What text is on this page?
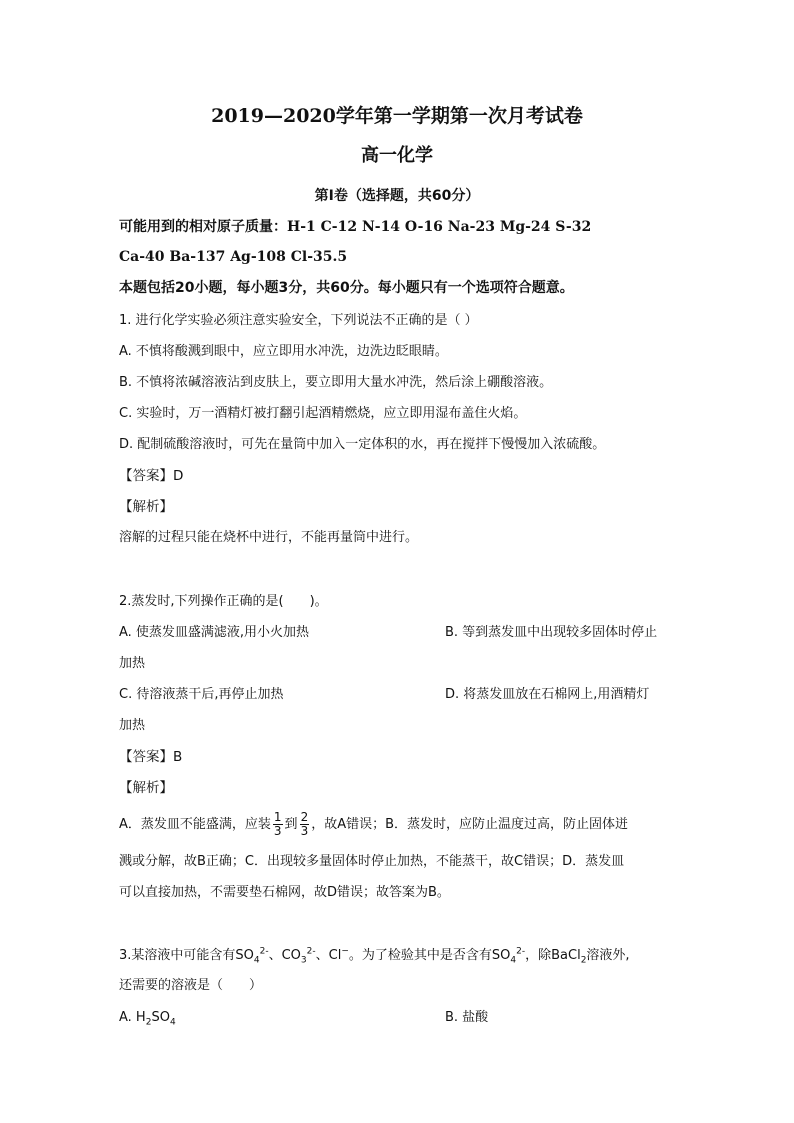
2019—2020学年第一学期第一次月考试卷
高一化学
第Ⅰ卷（选择题，共60分）
可能用到的相对原子质量：H-1 C-12 N-14 O-16 Na-23 Mg-24 S-32
Ca-40 Ba-137 Ag-108 Cl-35.5
本题包括20小题，每小题3分，共60分。每小题只有一个选项符合题意。
1. 进行化学实验必须注意实验安全，下列说法不正确的是（ ）
A. 不慎将酸溅到眼中，应立即用水冲洗，边洗边眨眼睛。
B. 不慎将浓碱溶液沾到皮肤上，要立即用大量水冲洗，然后涂上硼酸溶液。
C. 实验时，万一酒精灯被打翻引起酒精燃烧，应立即用湿布盖住火焰。
D. 配制硫酸溶液时，可先在量筒中加入一定体积的水，再在搅拌下慢慢加入浓硫酸。
【答案】D
【解析】
溶解的过程只能在烧杯中进行，不能再量筒中进行。
2.蒸发时,下列操作正确的是(　　)。
A. 使蒸发皿盛满滤液,用小火加热	B. 等到蒸发皿中出现较多固体时停止
加热
C. 待溶液蒸干后,再停止加热	D. 将蒸发皿放在石棉网上,用酒精灯
加热
【答案】B
【解析】
A．蒸发皿不能盛满，应装 $\frac{1}{3}$ 到 $\frac{2}{3}$ ，故A错误；B．蒸发时，应防止温度过高，防止固体迸
溅或分解，故B正确；C．出现较多量固体时停止加热，不能蒸干，故C错误；D．蒸发皿
可以直接加热，不需要垫石棉网，故D错误；故答案为B。
3.某溶液中可能含有$SO_4^{2-}$、$CO_3^{2-}$、Cl−。为了检验其中是否含有$SO_4^{2-}$，除BaCl$_2$溶液外,
还需要的溶液是（　　）
A. $H_2SO_4$	B. 盐酸
